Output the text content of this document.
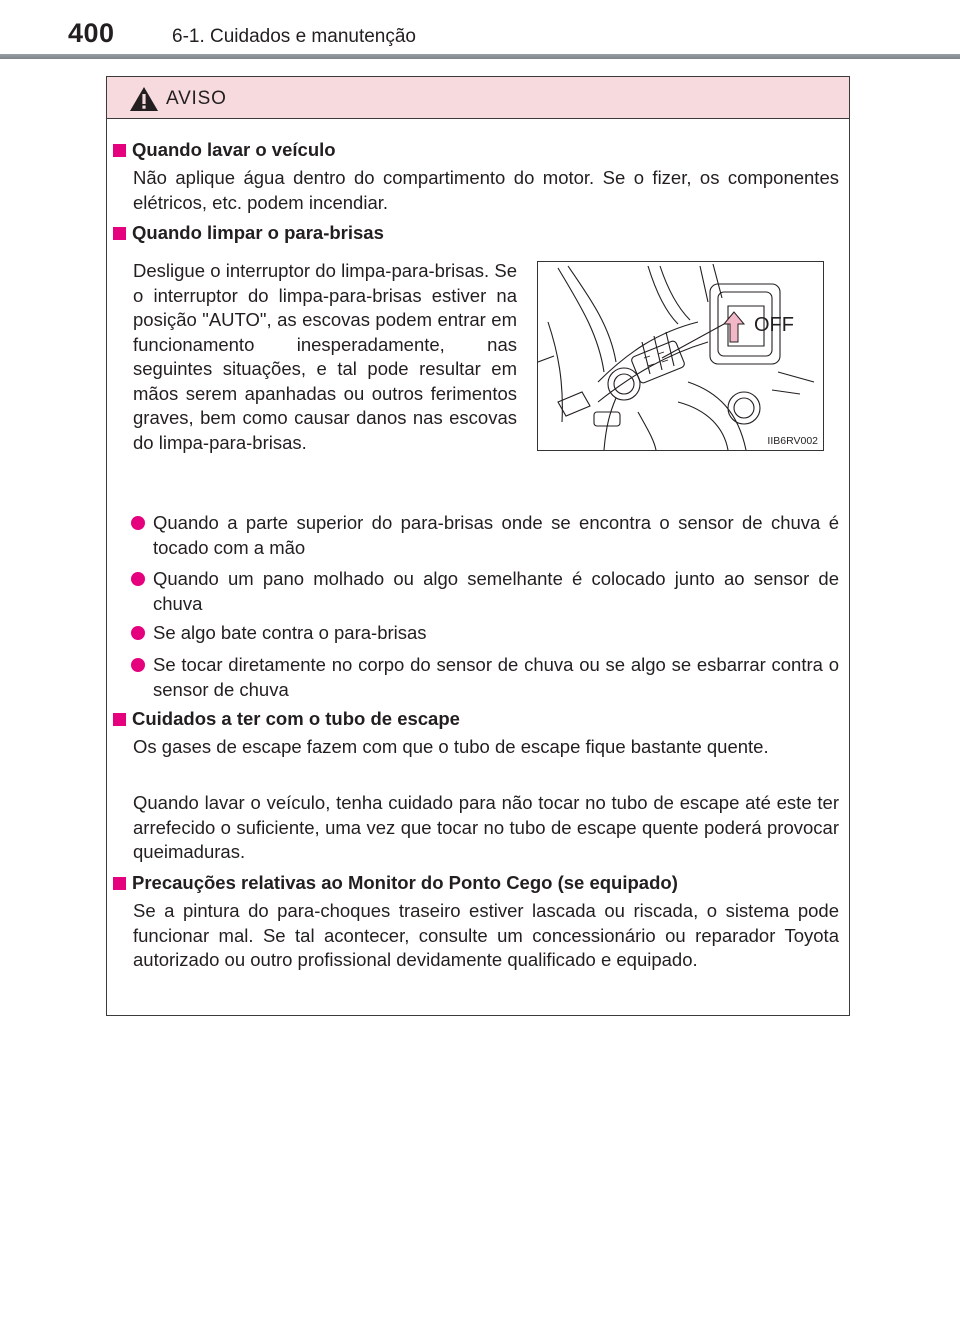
400	6-1. Cuidados e manutenção
AVISO
Quando lavar o veículo
Não aplique água dentro do compartimento do motor. Se o fizer, os componentes elétricos, etc. podem incendiar.
Quando limpar o para-brisas
Desligue o interruptor do limpa-para-brisas. Se o interruptor do limpa-para-brisas estiver na posição "AUTO", as escovas podem entrar em funcionamento inesperadamente, nas seguintes situações, e tal pode resultar em mãos serem apanhadas ou outros ferimentos graves, bem como causar danos nas escovas do limpa-para-brisas.
OFF
IIB6RV002
Quando a parte superior do para-brisas onde se encontra o sensor de chuva é tocado com a mão
Quando um pano molhado ou algo semelhante é colocado junto ao sensor de chuva
Se algo bate contra o para-brisas
Se tocar diretamente no corpo do sensor de chuva ou se algo se esbarrar contra o sensor de chuva
Cuidados a ter com o tubo de escape
Os gases de escape fazem com que o tubo de escape fique bastante quente.
Quando lavar o veículo, tenha cuidado para não tocar no tubo de escape até este ter arrefecido o suficiente, uma vez que tocar no tubo de escape quente poderá provocar queimaduras.
Precauções relativas ao Monitor do Ponto Cego (se equipado)
Se a pintura do para-choques traseiro estiver lascada ou riscada, o sistema pode funcionar mal. Se tal acontecer, consulte um concessionário ou reparador Toyota autorizado ou outro profissional devidamente qualificado e equipado.
